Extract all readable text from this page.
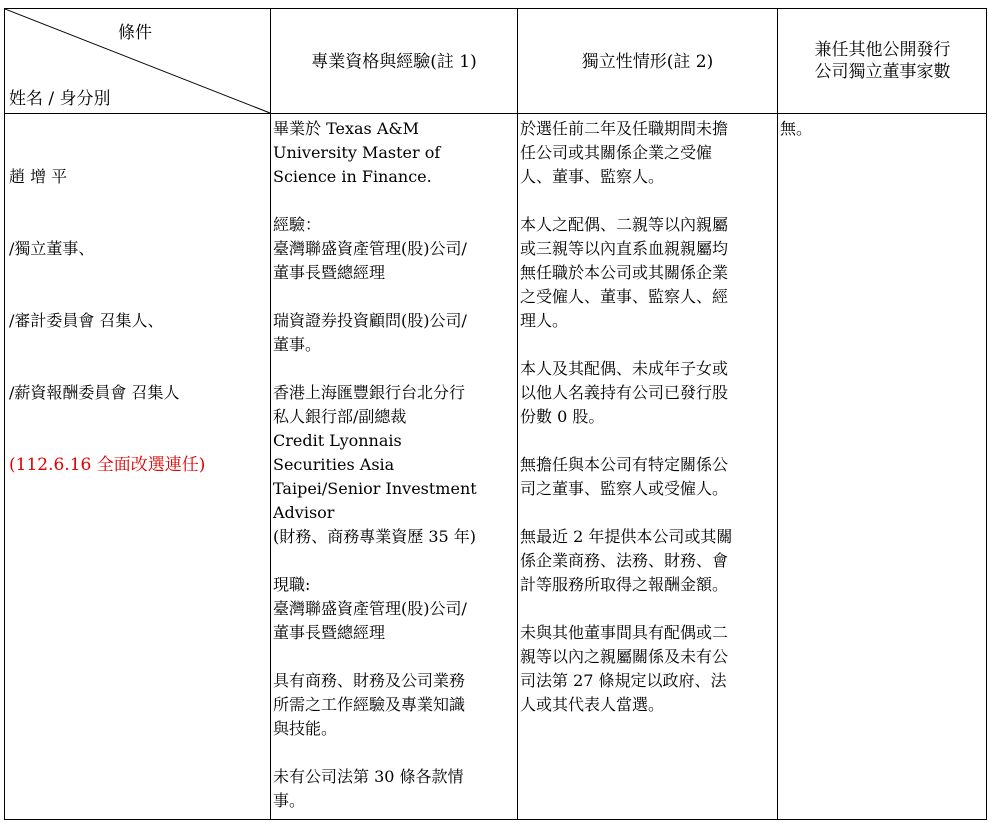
條件
姓名 / 身分別
專業資格與經驗(註 1)	獨立性情形(註 2)
兼任其他公開發行
公司獨立董事家數

趙 增 平

/獨立董事、

/審計委員會 召集人、

/薪資報酬委員會 召集人

(112.6.16 全面改選連任)

畢業於 Texas A&M
University Master of
Science in Finance.

經驗：
臺灣聯盛資產管理(股)公司/
董事長暨總經理

瑞資證券投資顧問(股)公司/
董事。

香港上海匯豐銀行台北分行
私人銀行部/副總裁
Credit Lyonnais
Securities Asia
Taipei/Senior Investment
Advisor
(財務、商務專業資歷 35 年)

現職:
臺灣聯盛資產管理(股)公司/
董事長暨總經理

具有商務、財務及公司業務
所需之工作經驗及專業知識
與技能。

未有公司法第 30 條各款情
事。
於選任前二年及任職期間未擔
任公司或其關係企業之受僱
人、董事、監察人。

本人之配偶、二親等以內親屬
或三親等以內直系血親親屬均
無任職於本公司或其關係企業
之受僱人、董事、監察人、經
理人。

本人及其配偶、未成年子女或
以他人名義持有公司已發行股
份數 0 股。

無擔任與本公司有特定關係公
司之董事、監察人或受僱人。

無最近 2 年提供本公司或其關
係企業商務、法務、財務、會
計等服務所取得之報酬金額。

未與其他董事間具有配偶或二
親等以內之親屬關係及未有公
司法第 27 條規定以政府、法
人或其代表人當選。
無。
